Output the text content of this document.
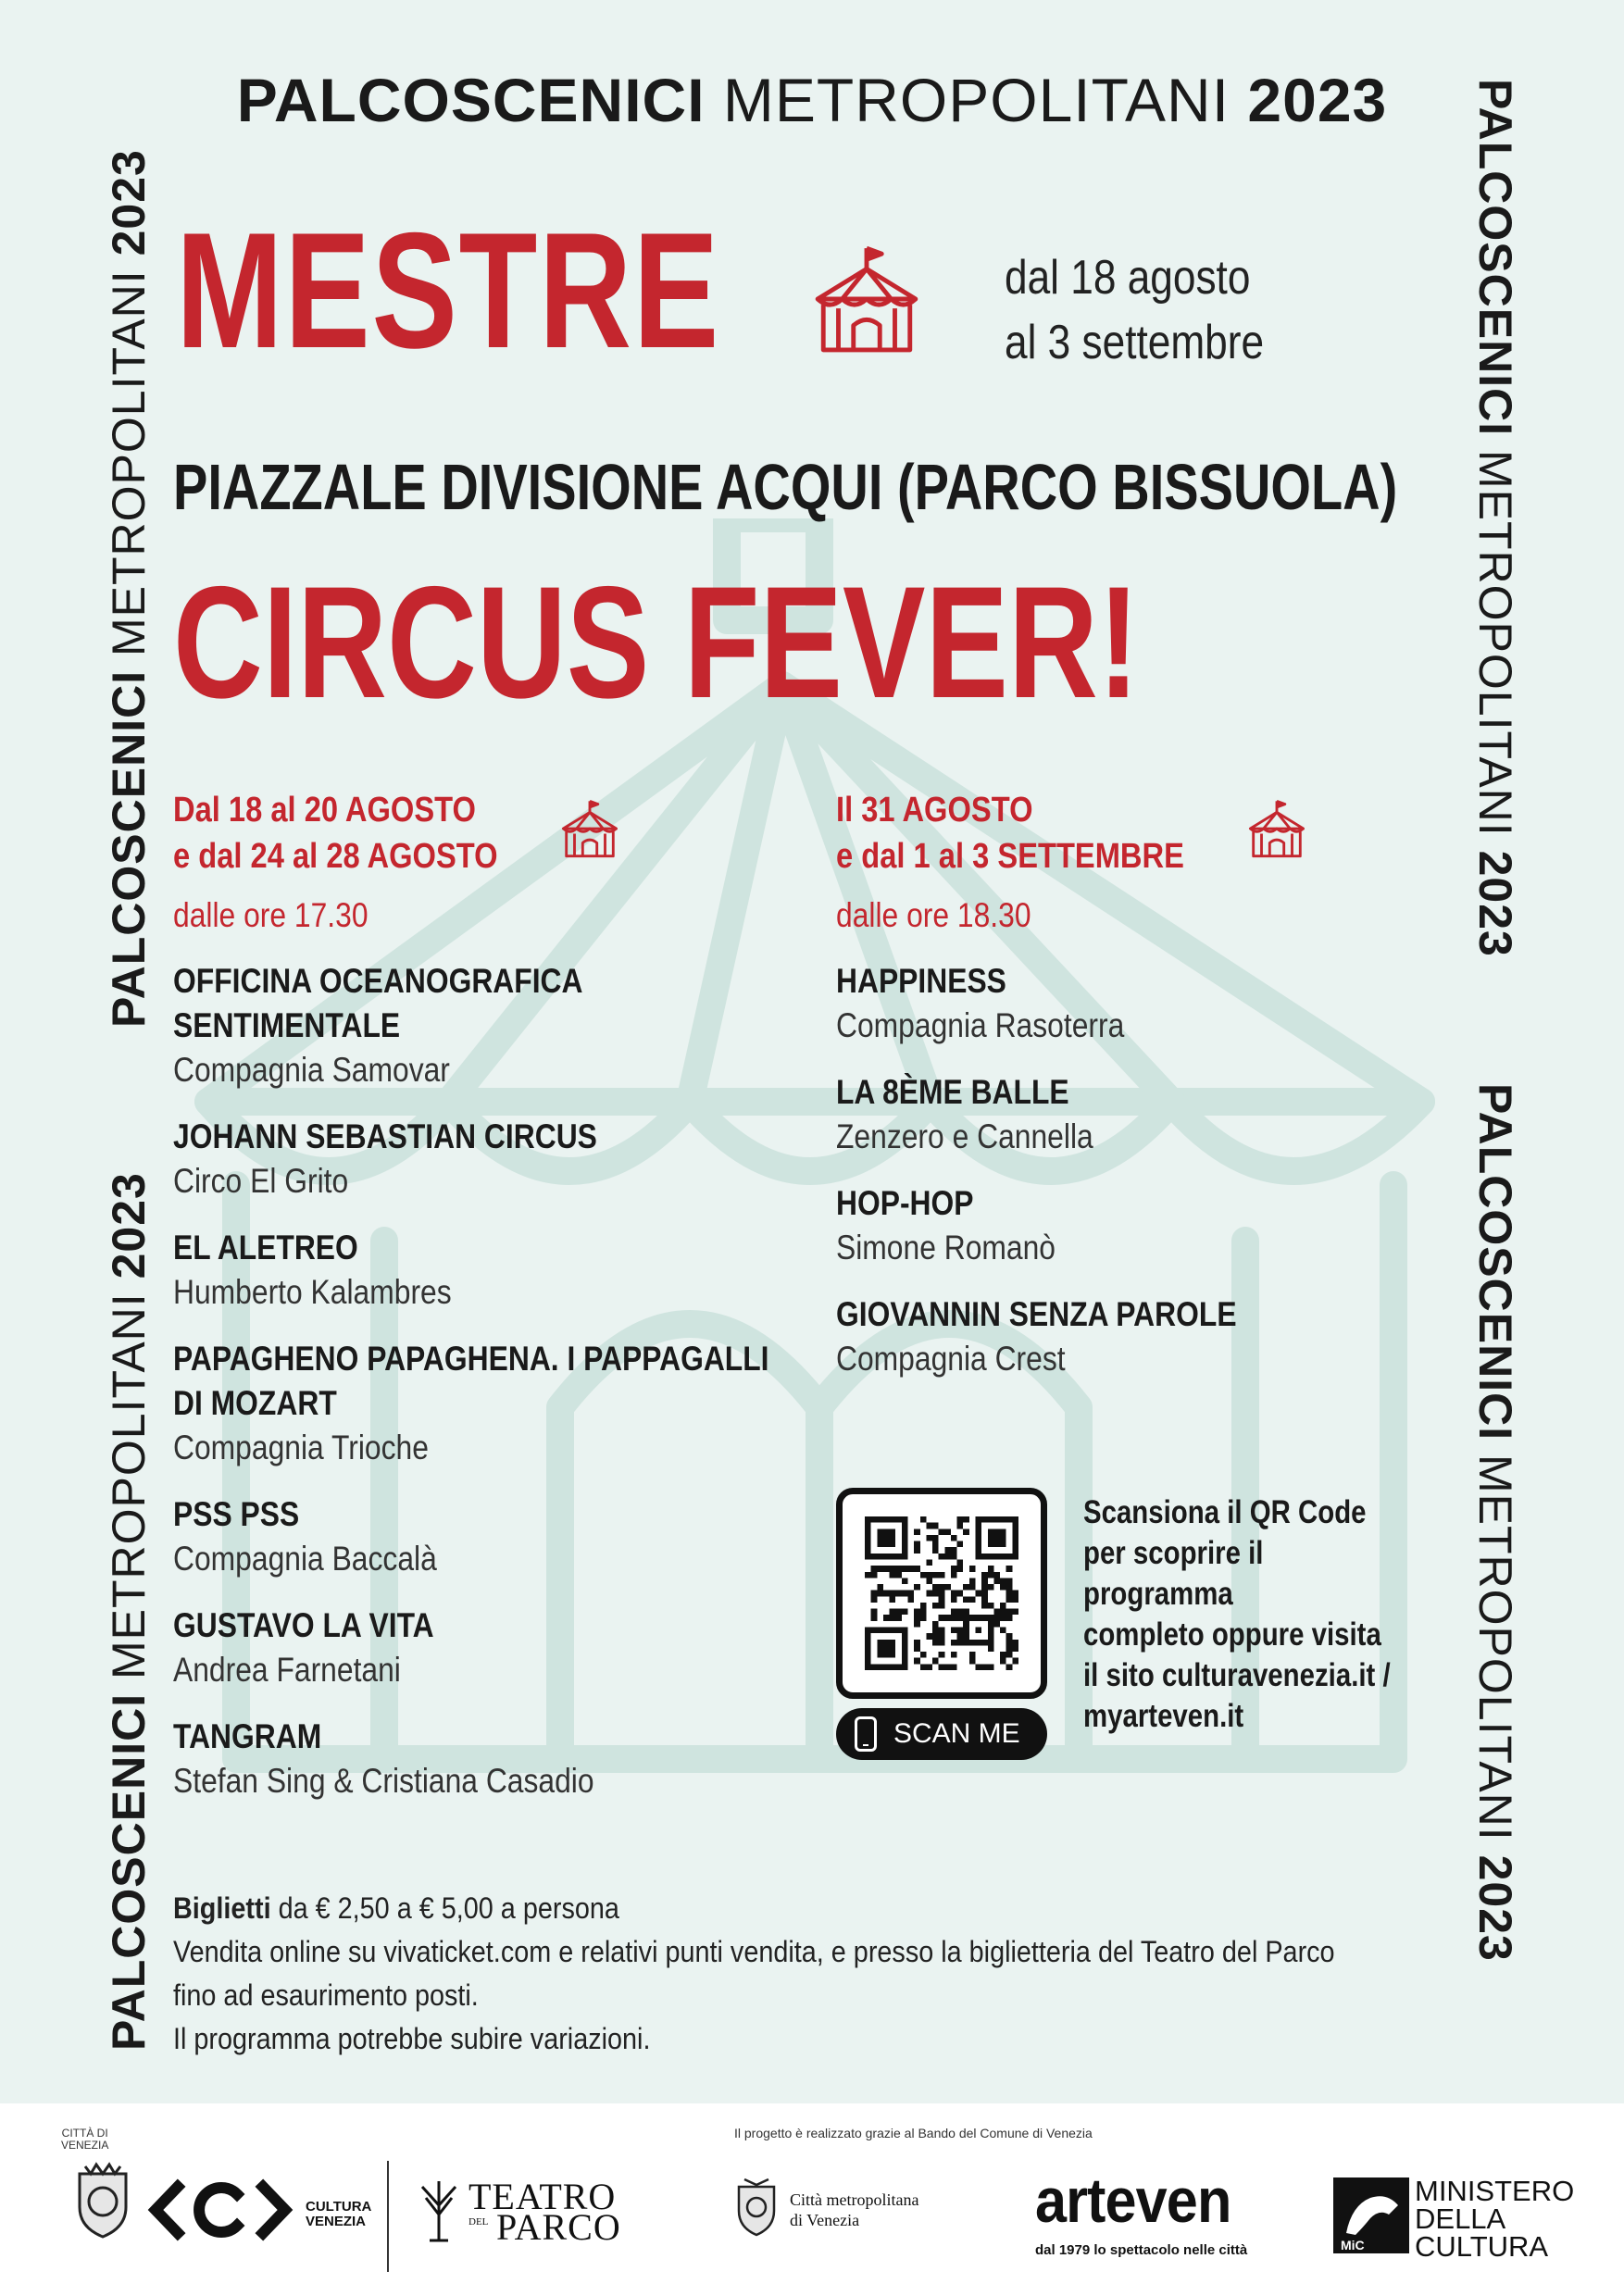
PALCOSCENICI METROPOLITANI 2023
PALCOSCENICI METROPOLITANI 2023
PALCOSCENICI METROPOLITANI 2023
PALCOSCENICI METROPOLITANI 2023
PALCOSCENICI METROPOLITANI 2023
MESTRE	dal 18 agosto
al 3 settembre
PIAZZALE DIVISIONE ACQUI (PARCO BISSUOLA)
CIRCUS FEVER!
Dal 18 al 20 AGOSTO
e dal 24 al 28 AGOSTO
dalle ore 17.30
OFFICINA OCEANOGRAFICA SENTIMENTALE
Compagnia Samovar
JOHANN SEBASTIAN CIRCUS
Circo El Grito
EL ALETREO
Humberto Kalambres
PAPAGHENO PAPAGHENA. I PAPPAGALLI DI MOZART
Compagnia Trioche
PSS PSS
Compagnia Baccalà
GUSTAVO LA VITA
Andrea Farnetani
TANGRAM
Stefan Sing & Cristiana Casadio
Il 31 AGOSTO
e dal 1 al 3 SETTEMBRE
dalle ore 18.30
HAPPINESS
Compagnia Rasoterra
LA 8ÈME BALLE
Zenzero e Cannella
HOP-HOP
Simone Romanò
GIOVANNIN SENZA PAROLE
Compagnia Crest
SCAN ME
Scansiona il QR Code
per scoprire il programma
completo oppure visita
il sito culturavenezia.it /
myarteven.it
Biglietti da € 2,50 a € 5,00 a persona
Vendita online su vivaticket.com e relativi punti vendita, e presso la biglietteria del Teatro del Parco fino ad esaurimento posti.
Il programma potrebbe subire variazioni.
Il progetto è realizzato grazie al Bando del Comune di Venezia
CITTÀ DI
VENEZIA
CULTURA
VENEZIA
TEATRO
DEL PARCO
Città metropolitana
di Venezia	arteven
dal 1979 lo spettacolo nelle città	MiC
MINISTERO
DELLA
CULTURA
